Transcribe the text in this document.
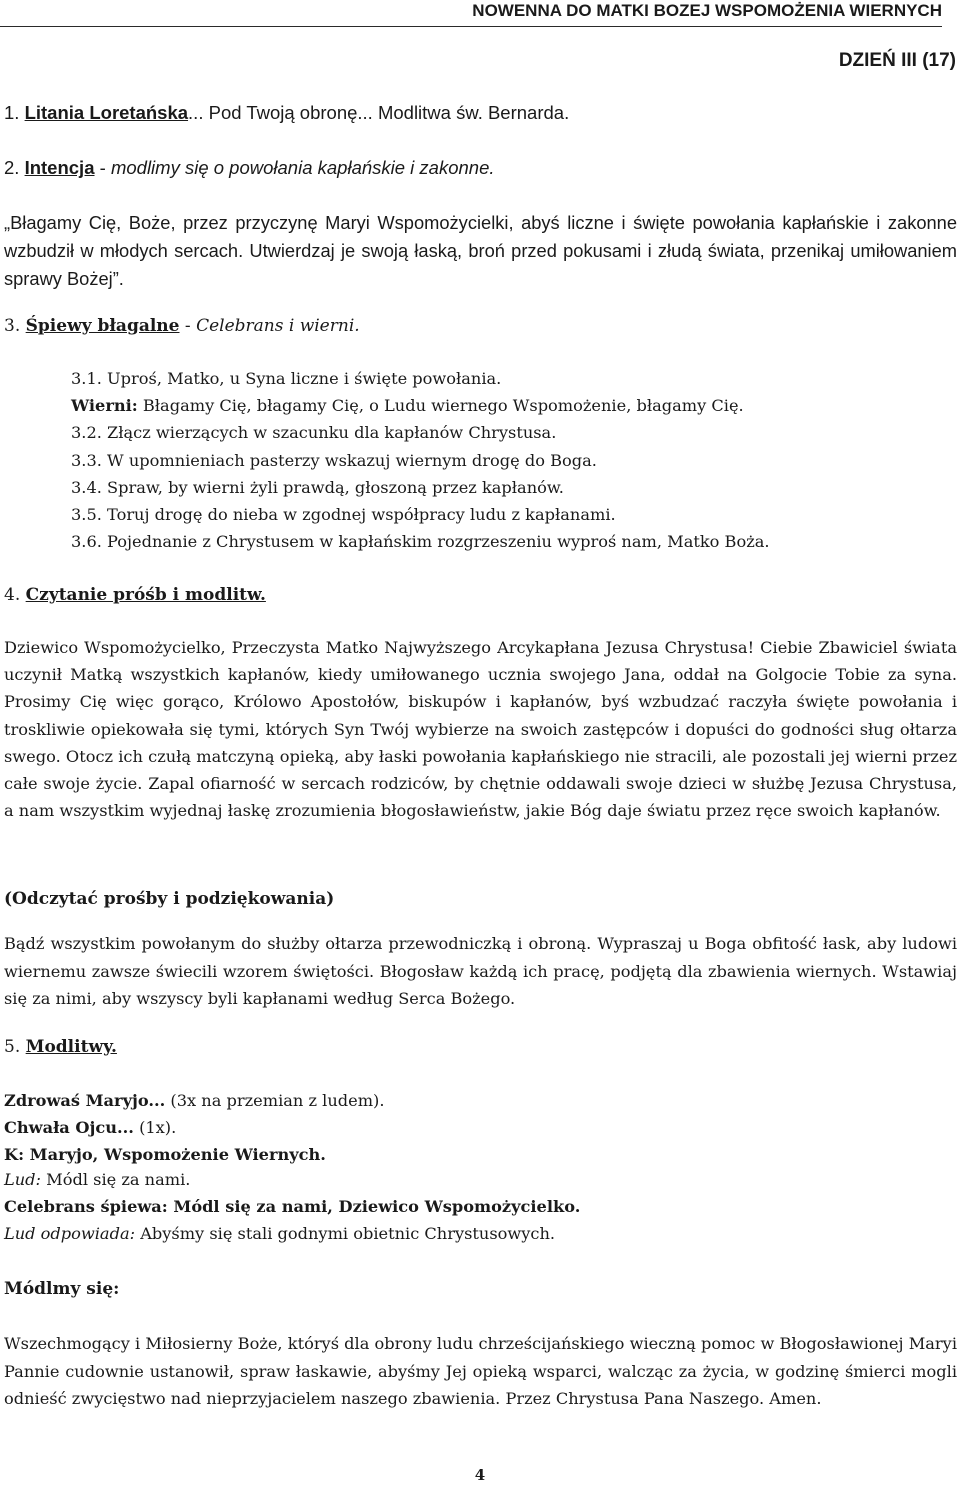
NOWENNA DO MATKI BOZEJ WSPOMOŻENIA WIERNYCH
DZIEŃ III (17)
1. Litania Loretańska... Pod Twoją obronę... Modlitwa św. Bernarda.
2. Intencja - modlimy się o powołania kapłańskie i zakonne.
„Błagamy Cię, Boże, przez przyczynę Maryi Wspomożycielki, abyś liczne i święte powołania kapłańskie i zakonne wzbudził w młodych sercach. Utwierdzaj je swoją łaską, broń przed pokusami i złudą świata, przenikaj umiłowaniem sprawy Bożej”.
3. Śpiewy błagalne - Celebrans i wierni.
3.1. Uproś, Matko, u Syna liczne i święte powołania.
Wierni: Błagamy Cię, błagamy Cię, o Ludu wiernego Wspomożenie, błagamy Cię.
3.2. Złącz wierzących w szacunku dla kapłanów Chrystusa.
3.3. W upomnieniach pasterzy wskazuj wiernym drogę do Boga.
3.4. Spraw, by wierni żyli prawdą, głoszoną przez kapłanów.
3.5. Toruj drogę do nieba w zgodnej współpracy ludu z kapłanami.
3.6. Pojednanie z Chrystusem w kapłańskim rozgrzeszeniu wyproś nam, Matko Boża.
4. Czytanie próśb i modlitw.
Dziewico Wspomożycielko, Przeczysta Matko Najwyższego Arcykapłana Jezusa Chrystusa! Ciebie Zbawiciel świata uczynił Matką wszystkich kapłanów, kiedy umiłowanego ucznia swojego Jana, oddał na Golgocie Tobie za syna. Prosimy Cię więc gorąco, Królowo Apostołów, biskupów i kapłanów, byś wzbudzać raczyła święte powołania i troskliwie opiekowała się tymi, których Syn Twój wybierze na swoich zastępców i dopuści do godności sług ołtarza swego. Otocz ich czułą matczyną opieką, aby łaski powołania kapłańskiego nie stracili, ale pozostali jej wierni przez całe swoje życie. Zapal ofiarność w sercach rodziców, by chętnie oddawali swoje dzieci w służbę Jezusa Chrystusa, a nam wszystkim wyjednaj łaskę zrozumienia błogosławieństw, jakie Bóg daje światu przez ręce swoich kapłanów.
(Odczytać prośby i podziękowania)
Bądź wszystkim powołanym do służby ołtarza przewodniczką i obroną. Wypraszaj u Boga obfitość łask, aby ludowi wiernemu zawsze świecili wzorem świętości. Błogosław każdą ich pracę, podjętą dla zbawienia wiernych. Wstawiaj się za nimi, aby wszyscy byli kapłanami według Serca Bożego.
5. Modlitwy.
Zdrowaś Maryjo... (3x na przemian z ludem).
Chwała Ojcu... (1x).
K: Maryjo, Wspomożenie Wiernych.
Lud: Módl się za nami.
Celebrans śpiewa: Módl się za nami, Dziewico Wspomożycielko.
Lud odpowiada: Abyśmy się stali godnymi obietnic Chrystusowych.
Módlmy się:
Wszechmogący i Miłosierny Boże, któryś dla obrony ludu chrześcijańskiego wieczną pomoc w Błogosławionej Maryi Pannie cudownie ustanowił, spraw łaskawie, abyśmy Jej opieką wsparci, walcząc za życia, w godzinę śmierci mogli odnieść zwycięstwo nad nieprzyjacielem naszego zbawienia. Przez Chrystusa Pana Naszego. Amen.
4
